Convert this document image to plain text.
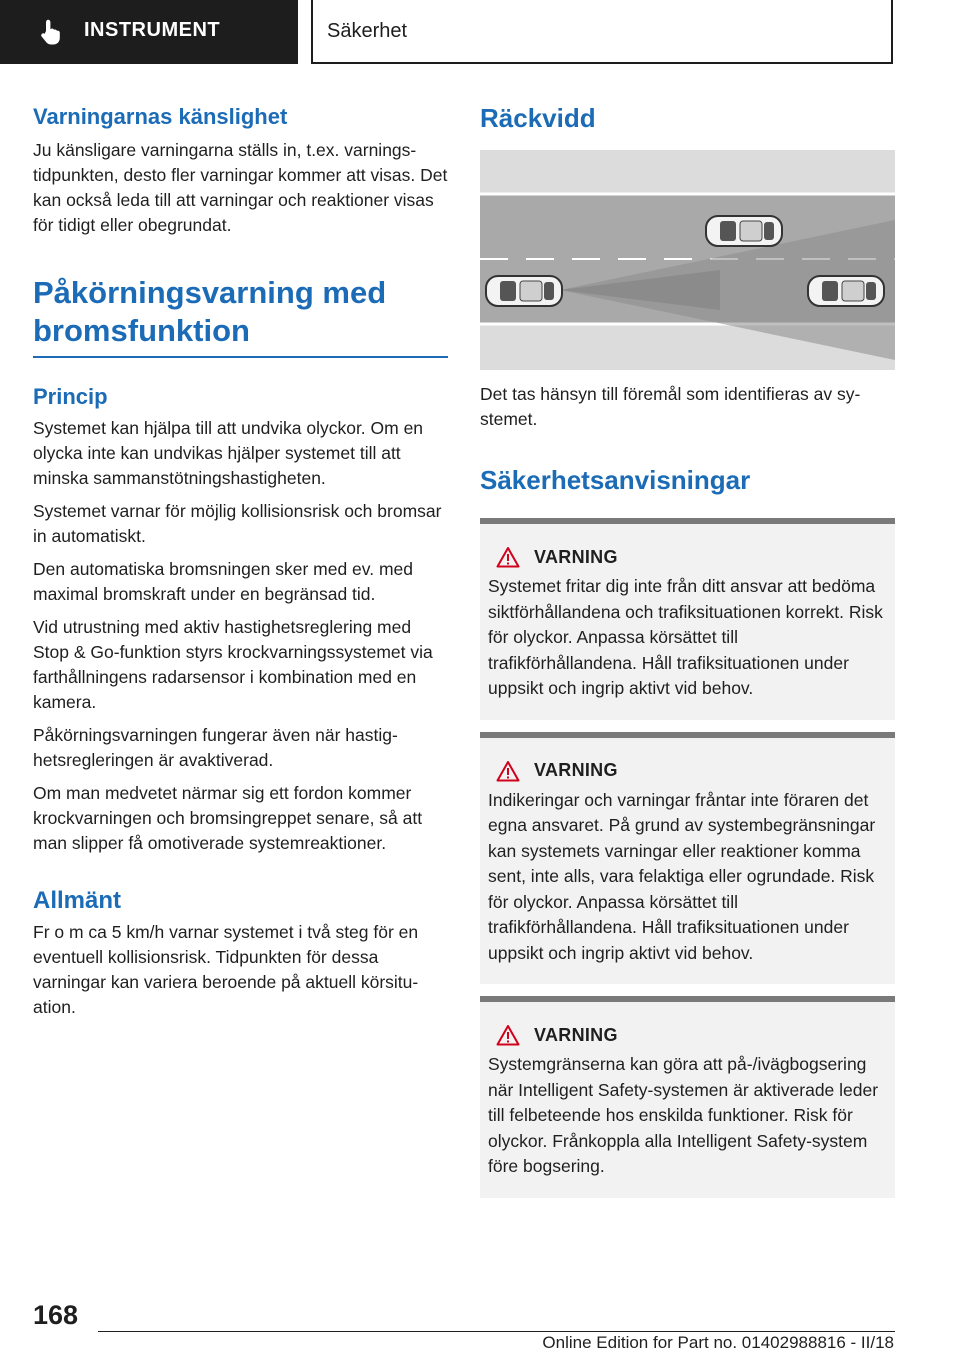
INSTRUMENT	Säkerhet
Varningarnas känslighet

Ju känsligare varningarna ställs in, t.ex. varningstidpunkten, desto fler varningar kommer att visas. Det kan också leda till att varningar och reaktioner visas för tidigt eller obegrundat.

Påkörningsvarning med bromsfunktion
Princip

Systemet kan hjälpa till att undvika olyckor. Om en olycka inte kan undvikas hjälper systemet till att minska sammanstötningshastigheten.

Systemet varnar för möjlig kollisionsrisk och bromsar in automatiskt.

Den automatiska bromsningen sker med ev. med maximal bromskraft under en begränsad tid.

Vid utrustning med aktiv hastighetsreglering med Stop & Go-funktion styrs krockvarningssystemet via farthållningens radarsensor i kombination med en kamera.

Påkörningsvarningen fungerar även när hastighetsregleringen är avaktiverad.

Om man medvetet närmar sig ett fordon kommer krockvarningen och bromsingreppet senare, så att man slipper få omotiverade systemreaktioner.

Allmänt

Fr o m ca 5 km/h varnar systemet i två steg för en eventuell kollisionsrisk. Tidpunkten för dessa varningar kan variera beroende på aktuell körsituation.

Räckvidd

Det tas hänsyn till föremål som identifieras av systemet.

Säkerhetsanvisningar
VARNING

Systemet fritar dig inte från ditt ansvar att bedöma siktförhållandena och trafiksituationen korrekt. Risk för olyckor. Anpassa körsättet till trafikförhållandena. Håll trafiksituationen under uppsikt och ingrip aktivt vid behov.

VARNING

Indikeringar och varningar fråntar inte föraren det egna ansvaret. På grund av systembegränsningar kan systemets varningar eller reaktioner komma sent, inte alls, vara felaktiga eller ogrundade. Risk för olyckor. Anpassa körsättet till trafikförhållandena. Håll trafiksituationen under uppsikt och ingrip aktivt vid behov.

VARNING

Systemgränserna kan göra att på-/ivägbogsering när Intelligent Safety-systemen är aktiverade leder till felbeteende hos enskilda funktioner. Risk för olyckor. Frånkoppla alla Intelligent Safety-system före bogsering.

168
Online Edition for Part no. 01402988816 - II/18
